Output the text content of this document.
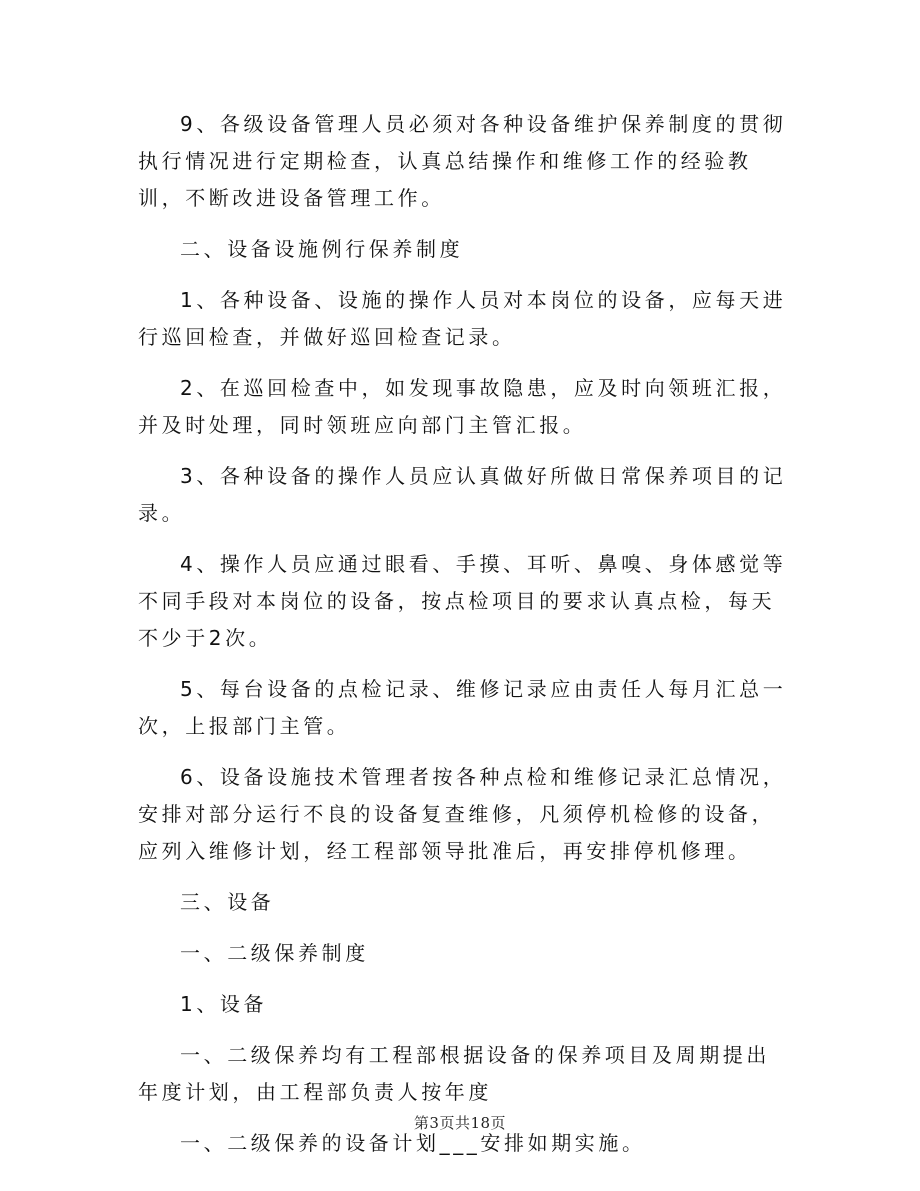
9、各级设备管理人员必须对各种设备维护保养制度的贯彻执行情况进行定期检查，认真总结操作和维修工作的经验教训，不断改进设备管理工作。

二、设备设施例行保养制度

1、各种设备、设施的操作人员对本岗位的设备，应每天进行巡回检查，并做好巡回检查记录。

2、在巡回检查中，如发现事故隐患，应及时向领班汇报，并及时处理，同时领班应向部门主管汇报。

3、各种设备的操作人员应认真做好所做日常保养项目的记录。

4、操作人员应通过眼看、手摸、耳听、鼻嗅、身体感觉等不同手段对本岗位的设备，按点检项目的要求认真点检，每天不少于2次。

5、每台设备的点检记录、维修记录应由责任人每月汇总一次，上报部门主管。

6、设备设施技术管理者按各种点检和维修记录汇总情况，安排对部分运行不良的设备复查维修，凡须停机检修的设备，应列入维修计划，经工程部领导批准后，再安排停机修理。

三、设备

一、二级保养制度

1、设备

一、二级保养均有工程部根据设备的保养项目及周期提出年度计划，由工程部负责人按年度

一、二级保养的设备计划___安排如期实施。

第3页共18页
